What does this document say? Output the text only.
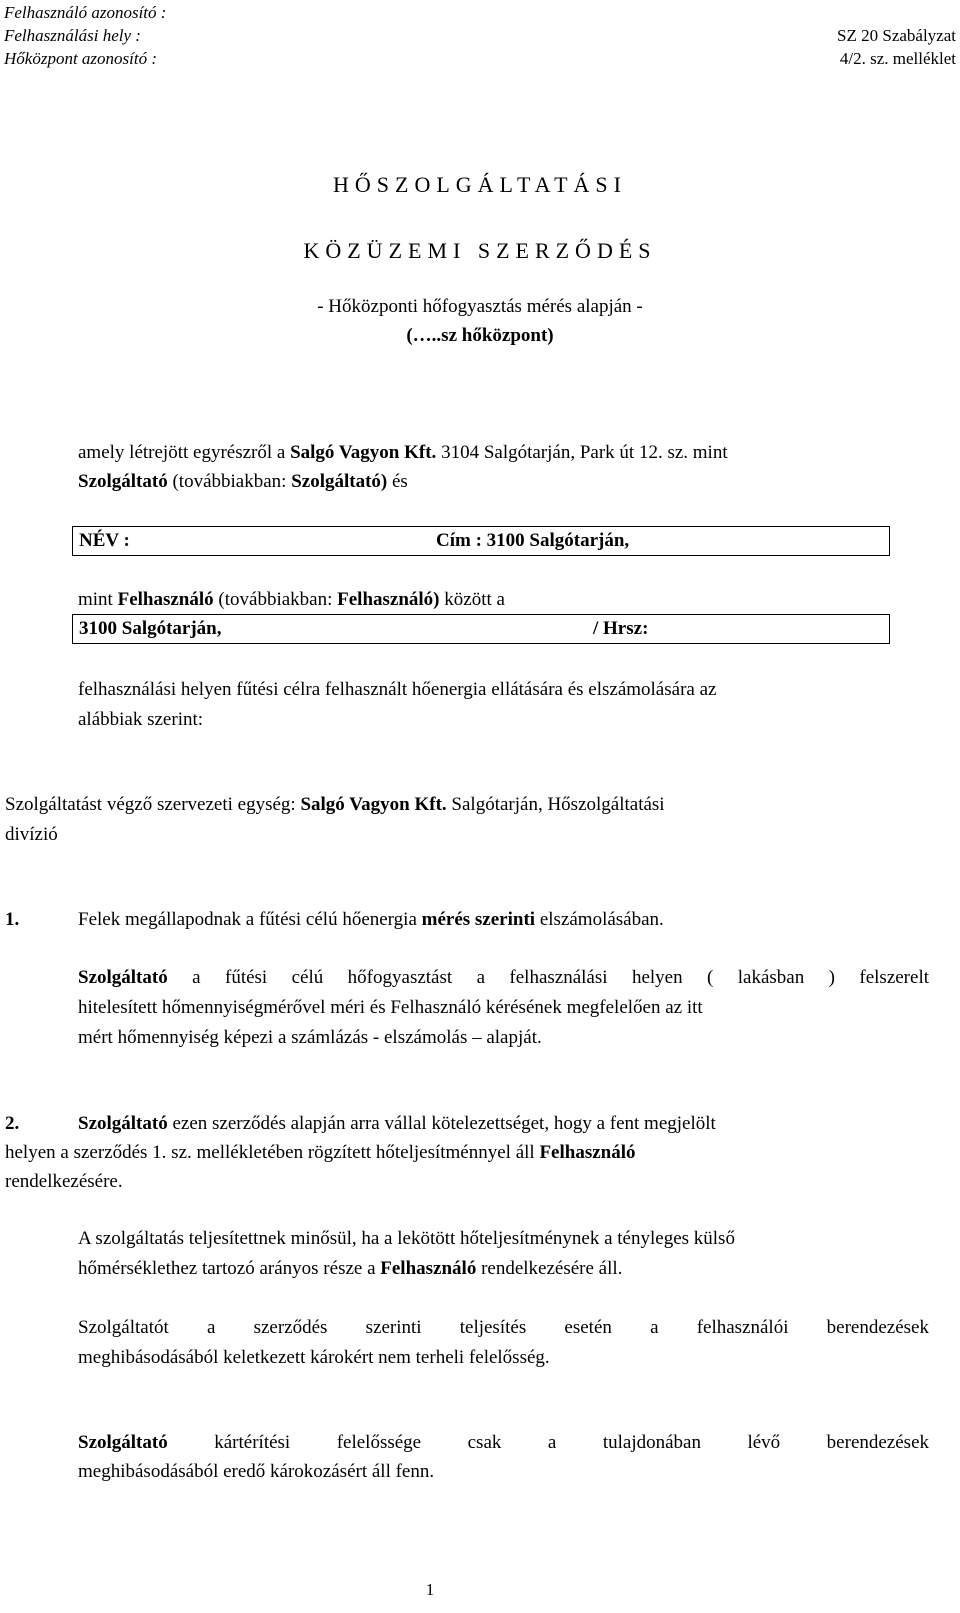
Felhasználó azonosító :
Felhasználási hely :
Hőközpont azonosító :
SZ 20 Szabályzat
4/2. sz. melléklet
HŐSZOLGÁLTATÁSI
KÖZÜZEMI SZERZŐDÉS
- Hőközponti hőfogyasztás mérés alapján -
(…..sz hőközpont)
amely létrejött egyrészről a Salgó Vagyon Kft. 3104 Salgótarján, Park út 12. sz. mint
Szolgáltató (továbbiakban: Szolgáltató) és
NÉV :	Cím : 3100 Salgótarján,
mint Felhasználó (továbbiakban: Felhasználó) között a
3100 Salgótarján,	/ Hrsz:
felhasználási helyen fűtési célra felhasznált hőenergia ellátására és elszámolására az
alábbiak szerint:
Szolgáltatást végző szervezeti egység: Salgó Vagyon Kft. Salgótarján, Hőszolgáltatási
divízió
1.	Felek megállapodnak a fűtési célú hőenergia mérés szerinti elszámolásában.
Szolgáltató a fűtési célú hőfogyasztást a felhasználási helyen ( lakásban ) felszerelt
hitelesített hőmennyiségmérővel méri és Felhasználó kérésének megfelelően az itt
mért hőmennyiség képezi a számlázás - elszámolás – alapját.
2.	Szolgáltató ezen szerződés alapján arra vállal kötelezettséget, hogy a fent megjelölt
helyen a szerződés 1. sz. mellékletében rögzített hőteljesítménnyel áll Felhasználó
rendelkezésére.
A szolgáltatás teljesítettnek minősül, ha a lekötött hőteljesítménynek a tényleges külső
hőmérséklethez tartozó arányos része a Felhasználó rendelkezésére áll.
Szolgáltatót a szerződés szerinti teljesítés esetén a felhasználói berendezések
meghibásodásából keletkezett károkért nem terheli felelősség.
Szolgáltató kártérítési felelőssége csak a tulajdonában lévő berendezések
meghibásodásából eredő károkozásért áll fenn.
1
